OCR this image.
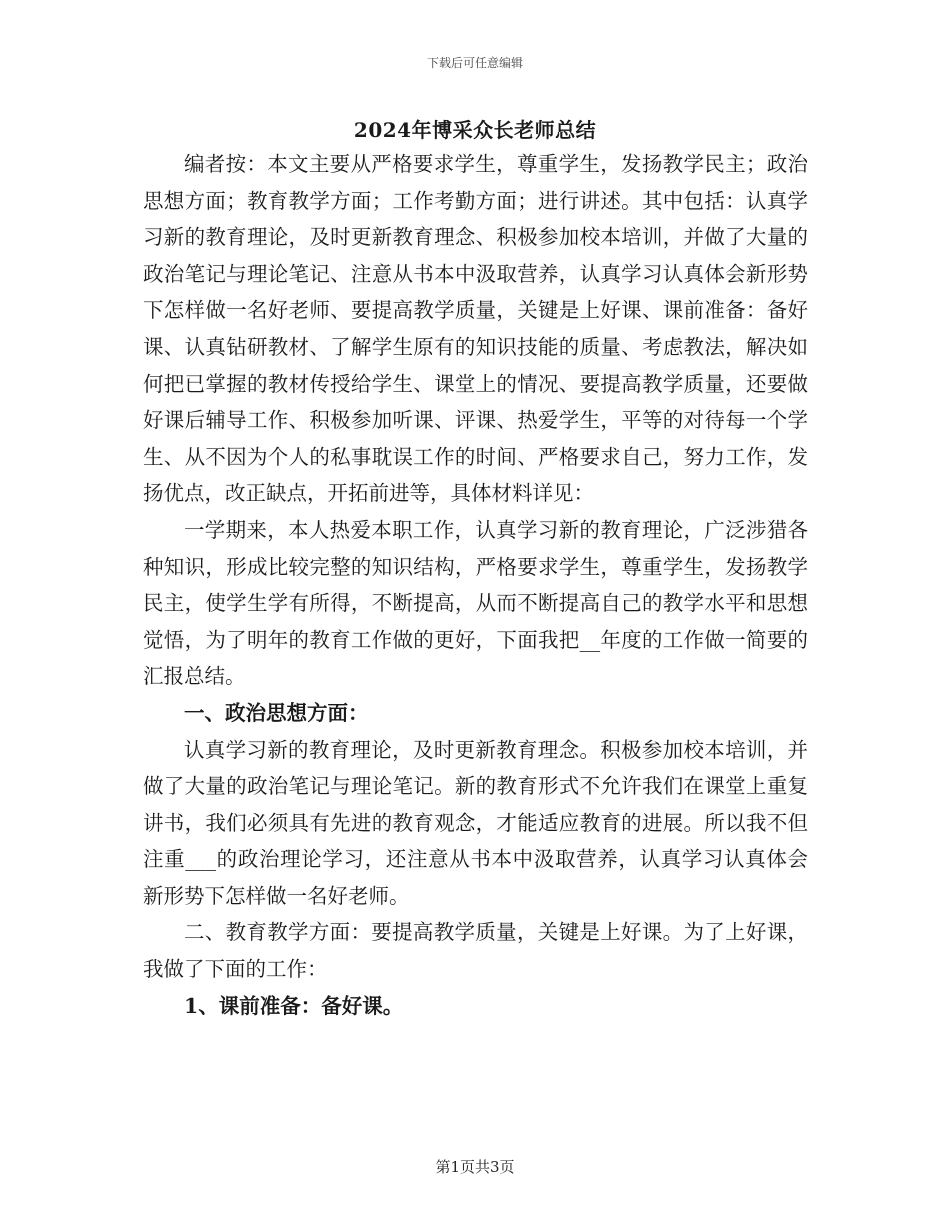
下载后可任意编辑
2024年博采众长老师总结

编者按：本文主要从严格要求学生，尊重学生，发扬教学民主；政治思想方面；教育教学方面；工作考勤方面；进行讲述。其中包括：认真学习新的教育理论，及时更新教育理念、积极参加校本培训，并做了大量的政治笔记与理论笔记、注意从书本中汲取营养，认真学习认真体会新形势下怎样做一名好老师、要提高教学质量，关键是上好课、课前准备：备好课、认真钻研教材、了解学生原有的知识技能的质量、考虑教法，解决如何把已掌握的教材传授给学生、课堂上的情况、要提高教学质量，还要做好课后辅导工作、积极参加听课、评课、热爱学生，平等的对待每一个学生、从不因为个人的私事耽误工作的时间、严格要求自己，努力工作，发扬优点，改正缺点，开拓前进等，具体材料详见：

一学期来，本人热爱本职工作，认真学习新的教育理论，广泛涉猎各种知识，形成比较完整的知识结构，严格要求学生，尊重学生，发扬教学民主，使学生学有所得，不断提高，从而不断提高自己的教学水平和思想觉悟，为了明年的教育工作做的更好，下面我把__年度的工作做一简要的汇报总结。

一、政治思想方面：

认真学习新的教育理论，及时更新教育理念。积极参加校本培训，并做了大量的政治笔记与理论笔记。新的教育形式不允许我们在课堂上重复讲书，我们必须具有先进的教育观念，才能适应教育的进展。所以我不但注重___的政治理论学习，还注意从书本中汲取营养，认真学习认真体会新形势下怎样做一名好老师。

二、教育教学方面：要提高教学质量，关键是上好课。为了上好课，我做了下面的工作：

1、课前准备：备好课。

第1页共3页
